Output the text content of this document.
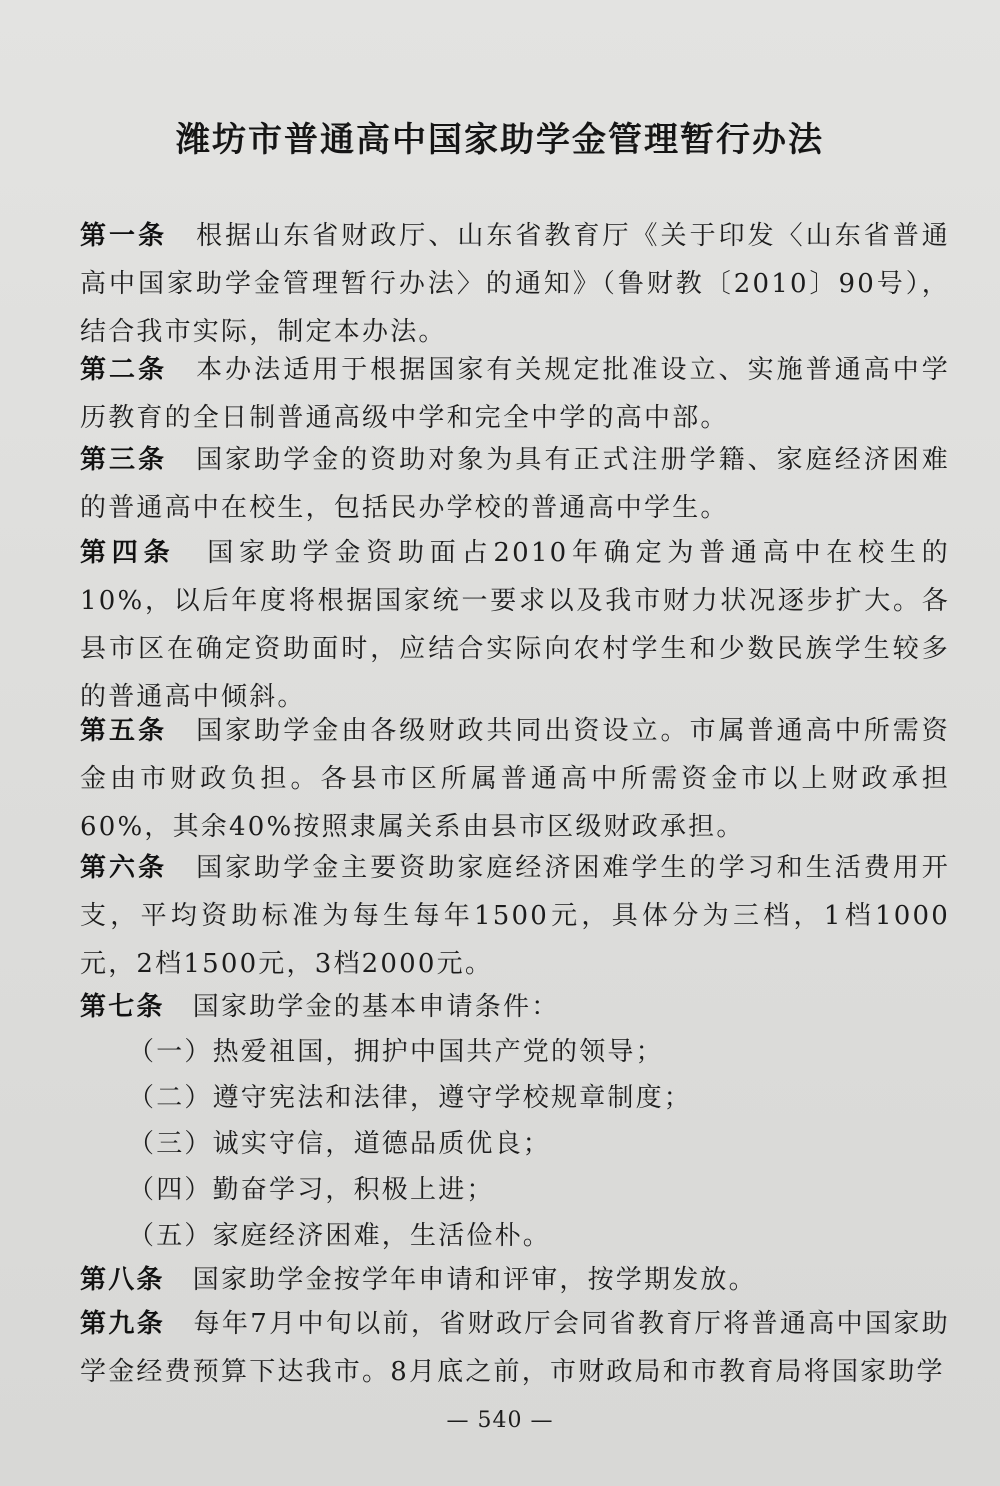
潍坊市普通高中国家助学金管理暂行办法

第一条　根据山东省财政厅、山东省教育厅《关于印发〈山东省普通高中国家助学金管理暂行办法〉的通知》（鲁财教〔2010〕90号），结合我市实际，制定本办法。

第二条　本办法适用于根据国家有关规定批准设立、实施普通高中学历教育的全日制普通高级中学和完全中学的高中部。

第三条　国家助学金的资助对象为具有正式注册学籍、家庭经济困难的普通高中在校生，包括民办学校的普通高中学生。

第四条　国家助学金资助面占2010年确定为普通高中在校生的10%，以后年度将根据国家统一要求以及我市财力状况逐步扩大。各县市区在确定资助面时，应结合实际向农村学生和少数民族学生较多的普通高中倾斜。

第五条　国家助学金由各级财政共同出资设立。市属普通高中所需资金由市财政负担。各县市区所属普通高中所需资金市以上财政承担60%，其余40%按照隶属关系由县市区级财政承担。

第六条　国家助学金主要资助家庭经济困难学生的学习和生活费用开支，平均资助标准为每生每年1500元，具体分为三档，1档1000元，2档1500元，3档2000元。

第七条　国家助学金的基本申请条件：

（一）热爱祖国，拥护中国共产党的领导；
（二）遵守宪法和法律，遵守学校规章制度；
（三）诚实守信，道德品质优良；
（四）勤奋学习，积极上进；
（五）家庭经济困难，生活俭朴。

第八条　国家助学金按学年申请和评审，按学期发放。

第九条　每年7月中旬以前，省财政厅会同省教育厅将普通高中国家助学金经费预算下达我市。8月底之前，市财政局和市教育局将国家助学

— 540 —
